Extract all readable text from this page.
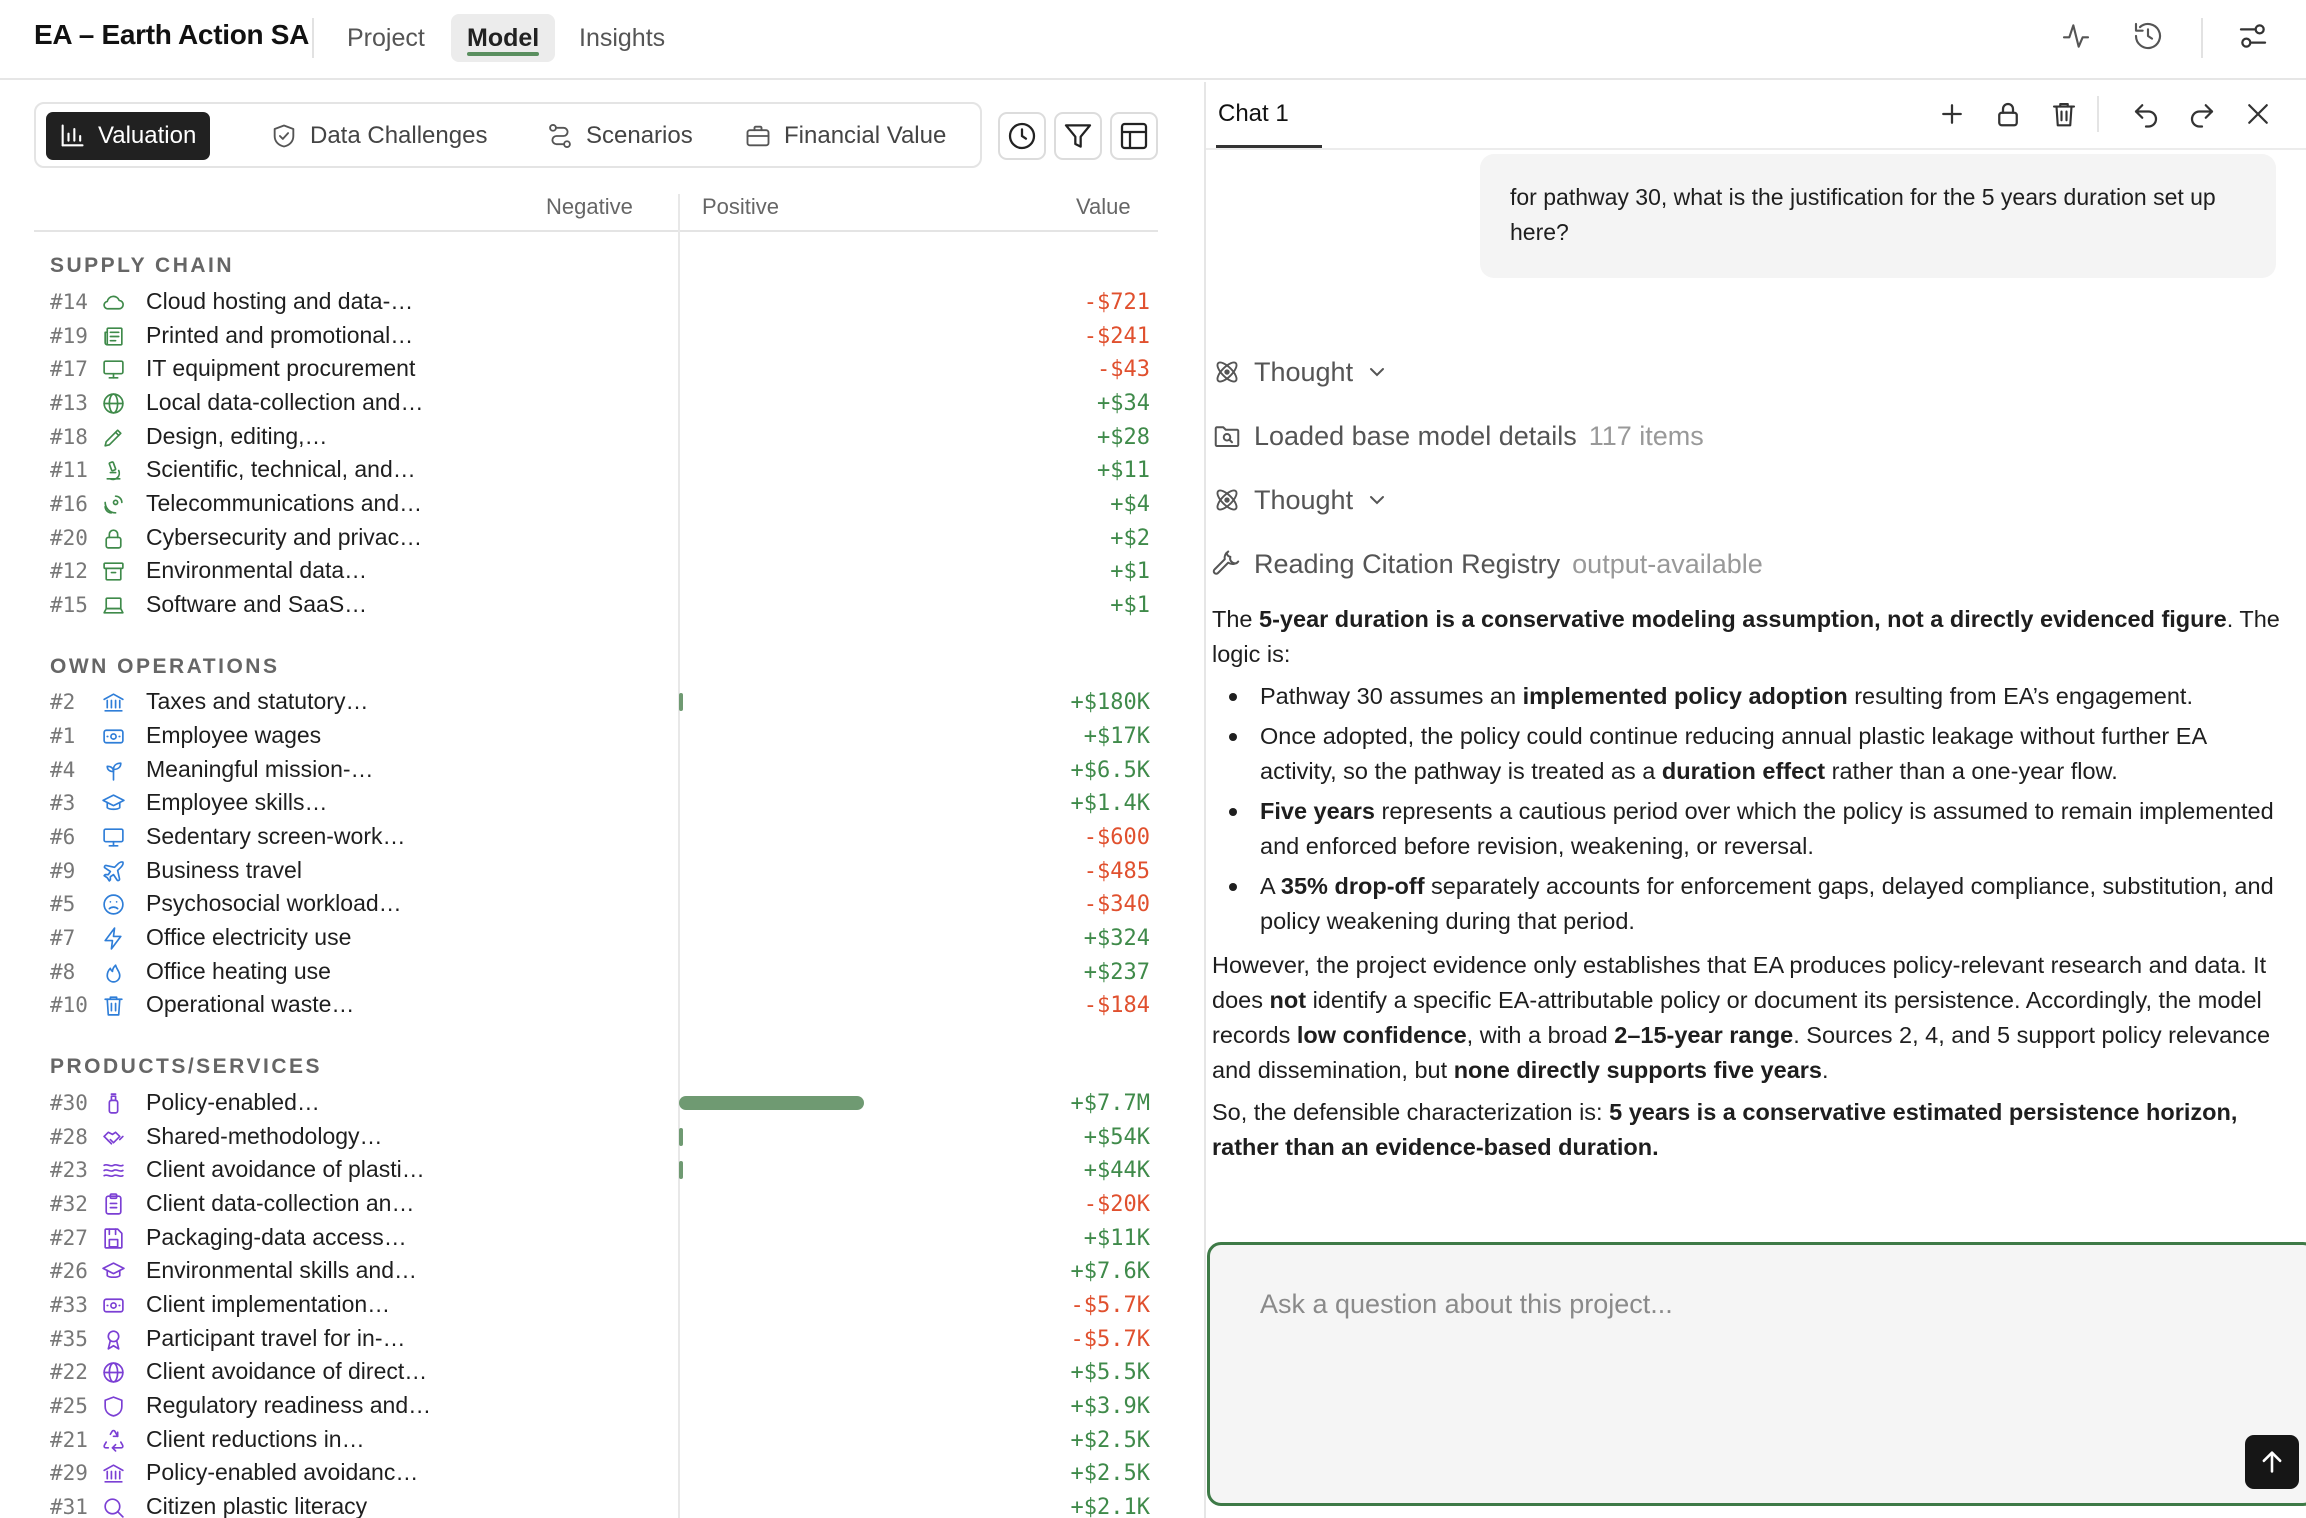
EA – Earth Action SA	Project	Model	Insights
Valuation	Data Challenges	Scenarios	Financial Value
Negative	Positive	Value
SUPPLY CHAIN
#14	Cloud hosting and data-…	-$721
#19	Printed and promotional…	-$241
#17	IT equipment procurement	-$43
#13	Local data-collection and…	+$34
#18	Design, editing,…	+$28
#11	Scientific, technical, and…	+$11
#16	Telecommunications and…	+$4
#20	Cybersecurity and privac…	+$2
#12	Environmental data…	+$1
#15	Software and SaaS…	+$1
OWN OPERATIONS
#2	Taxes and statutory…	+$180K
#1	Employee wages	+$17K
#4	Meaningful mission-…	+$6.5K
#3	Employee skills…	+$1.4K
#6	Sedentary screen-work…	-$600
#9	Business travel	-$485
#5	Psychosocial workload…	-$340
#7	Office electricity use	+$324
#8	Office heating use	+$237
#10	Operational waste…	-$184
PRODUCTS/SERVICES
#30	Policy-enabled…	+$7.7M
#28	Shared-methodology…	+$54K
#23	Client avoidance of plasti…	+$44K
#32	Client data-collection an…	-$20K
#27	Packaging-data access…	+$11K
#26	Environmental skills and…	+$7.6K
#33	Client implementation…	-$5.7K
#35	Participant travel for in-…	-$5.7K
#22	Client avoidance of direct…	+$5.5K
#25	Regulatory readiness and…	+$3.9K
#21	Client reductions in…	+$2.5K
#29	Policy-enabled avoidanc…	+$2.5K
#31	Citizen plastic literacy	+$2.1K
Chat 1
for pathway 30, what is the justification for the 5 years duration set up here?
Thought
Loaded base model details 117 items
Thought
Reading Citation Registry output-available

The 5-year duration is a conservative modeling assumption, not a directly evidenced figure. The logic is:

Pathway 30 assumes an implemented policy adoption resulting from EA’s engagement.
Once adopted, the policy could continue reducing annual plastic leakage without further EA activity, so the pathway is treated as a duration effect rather than a one-year flow.
Five years represents a cautious period over which the policy is assumed to remain implemented and enforced before revision, weakening, or reversal.
A 35% drop-off separately accounts for enforcement gaps, delayed compliance, substitution, and policy weakening during that period.

However, the project evidence only establishes that EA produces policy-relevant research and data. It does not identify a specific EA-attributable policy or document its persistence. Accordingly, the model records low confidence, with a broad 2–15-year range. Sources 2, 4, and 5 support policy relevance and dissemination, but none directly supports five years.

So, the defensible characterization is: 5 years is a conservative estimated persistence horizon, rather than an evidence-based duration.

Ask a question about this project...
